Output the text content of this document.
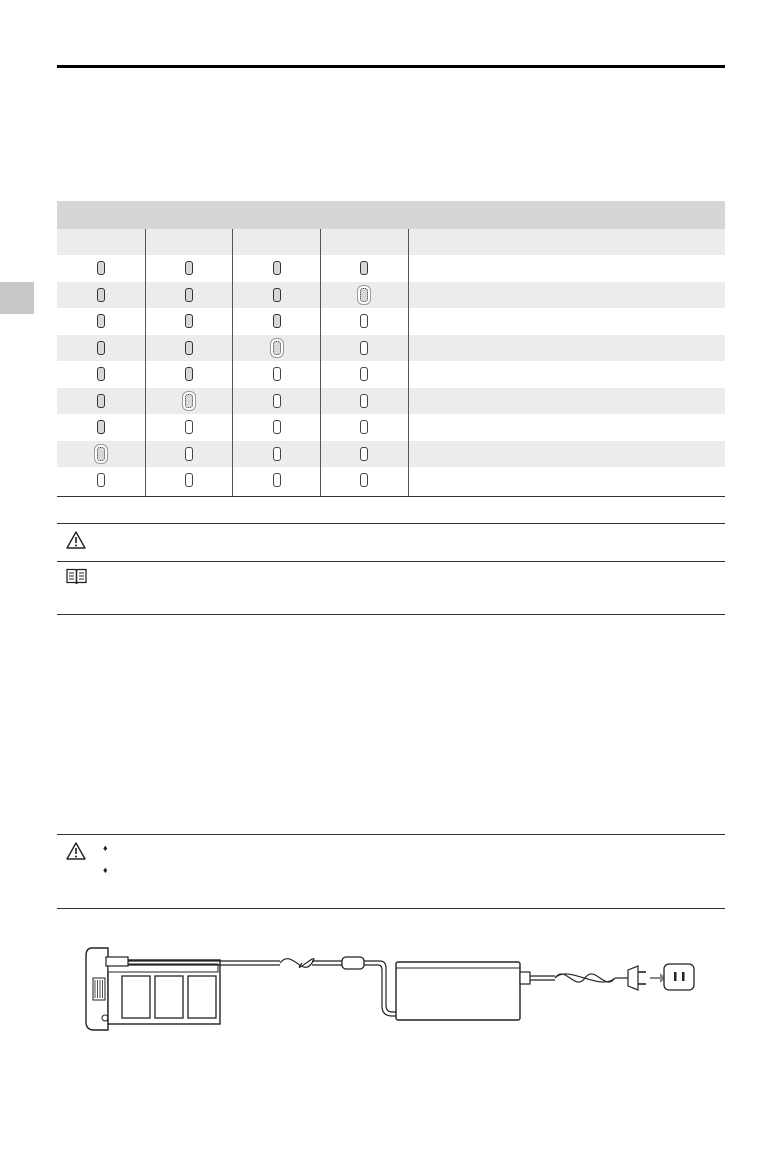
♦
♦
